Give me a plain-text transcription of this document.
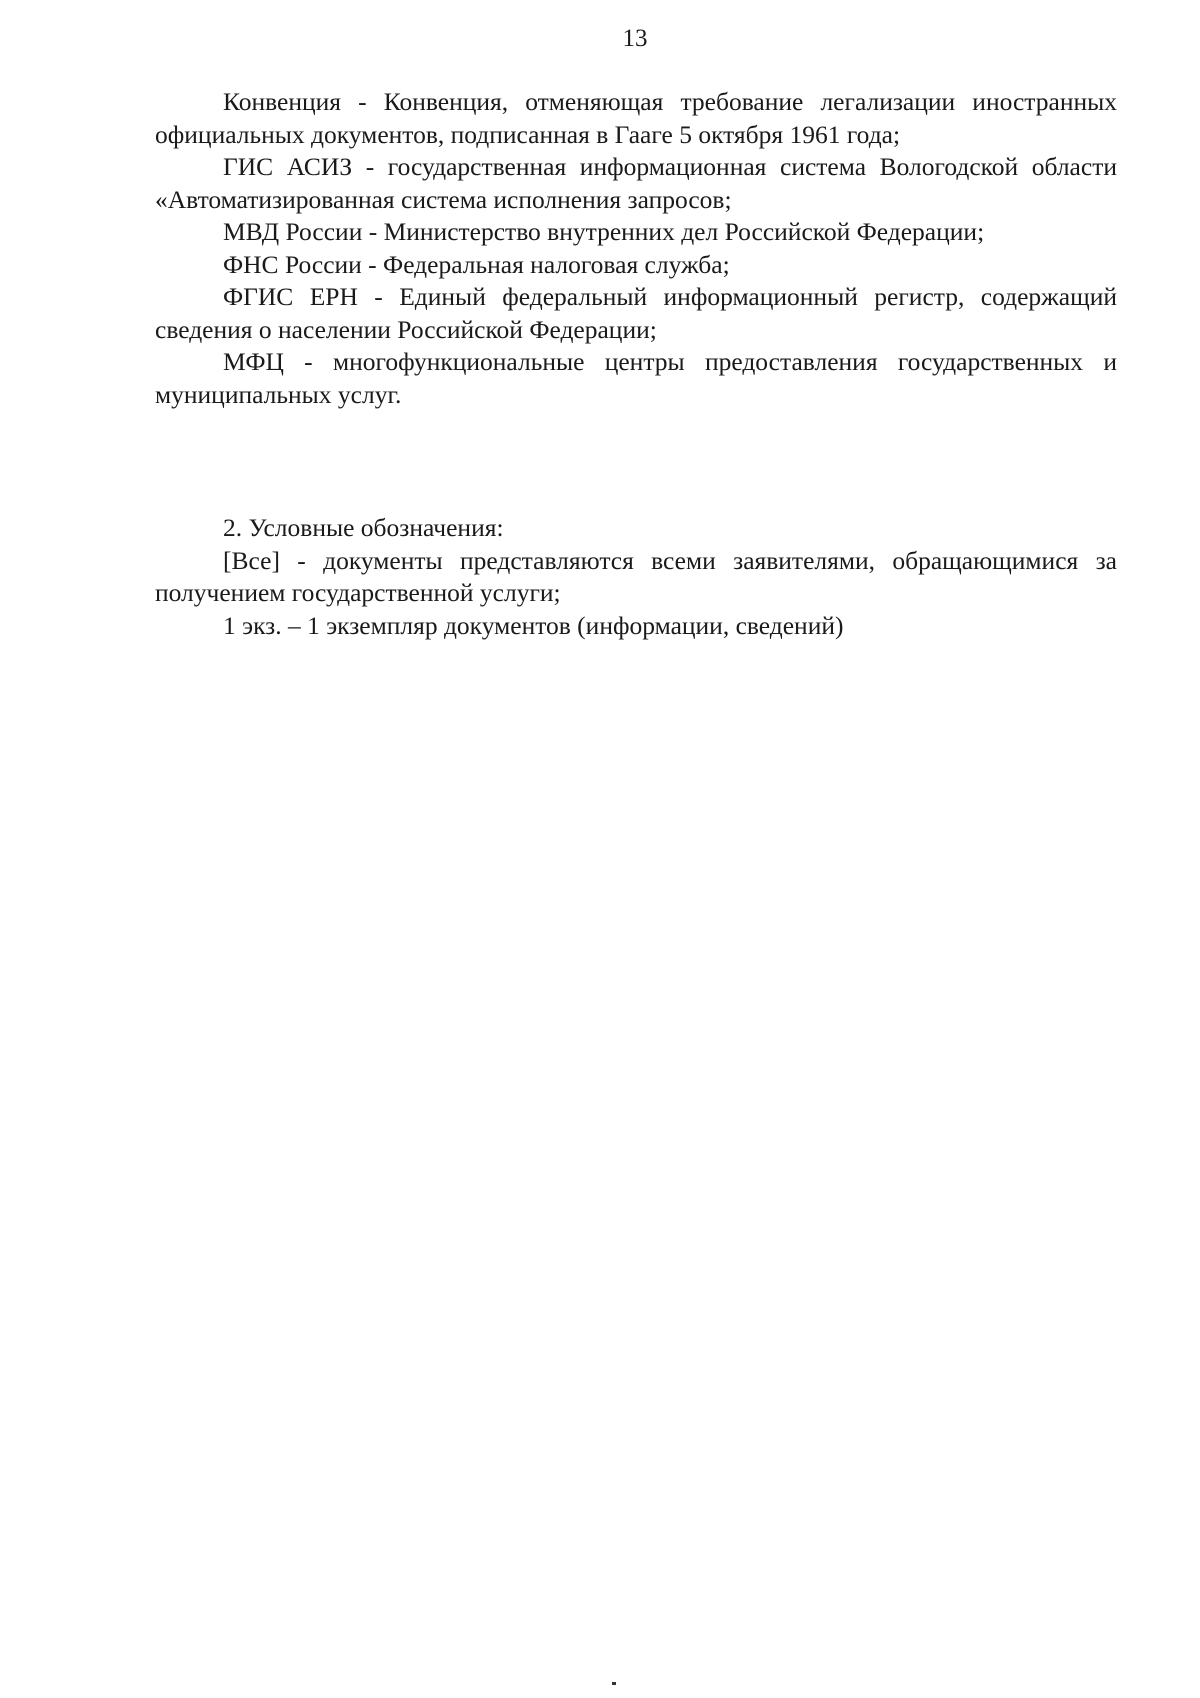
13

Конвенция - Конвенция, отменяющая требование легализации иностранных официальных документов, подписанная в Гааге 5 октября 1961 года;

ГИС АСИЗ - государственная информационная система Вологодской области «Автоматизированная система исполнения запросов;

МВД России - Министерство внутренних дел Российской Федерации;

ФНС России - Федеральная налоговая служба;

ФГИС ЕРН - Единый федеральный информационный регистр, содержащий сведения о населении Российской Федерации;

МФЦ - многофункциональные центры предоставления государственных и муниципальных услуг.

2. Условные обозначения:

[Все] - документы представляются всеми заявителями, обращающимися за получением государственной услуги;

1 экз. – 1 экземпляр документов (информации, сведений)
